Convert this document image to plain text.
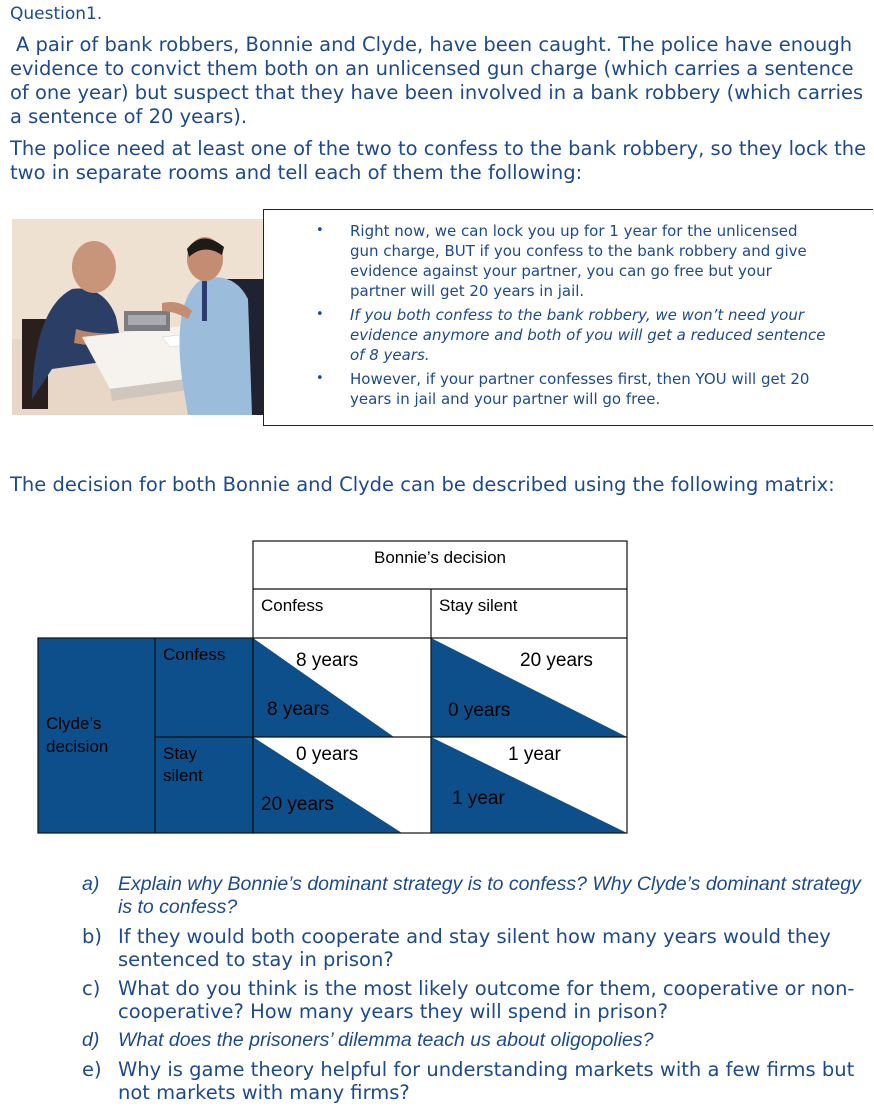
Question1.
A pair of bank robbers, Bonnie and Clyde, have been caught. The police have enough evidence to convict them both on an unlicensed gun charge (which carries a sentence of one year) but suspect that they have been involved in a bank robbery (which carries a sentence of 20 years).
The police need at least one of the two to confess to the bank robbery, so they lock the two in separate rooms and tell each of them the following:
• Right now, we can lock you up for 1 year for the unlicensed gun charge, BUT if you confess to the bank robbery and give evidence against your partner, you can go free but your partner will get 20 years in jail.
• If you both confess to the bank robbery, we won’t need your evidence anymore and both of you will get a reduced sentence of 8 years.
• However, if your partner confesses first, then YOU will get 20 years in jail and your partner will go free.
The decision for both Bonnie and Clyde can be described using the following matrix:
Bonnie’s decision
Confess	Stay silent
Confess
Stay
silent
Clyde’s
decision
8 years
8 years
20 years
0 years
0 years
20 years
1 year
1 year
a) Explain why Bonnie’s dominant strategy is to confess? Why Clyde’s dominant strategy is to confess?
b) If they would both cooperate and stay silent how many years would they sentenced to stay in prison?
c) What do you think is the most likely outcome for them, cooperative or non-cooperative? How many years they will spend in prison?
d) What does the prisoners’ dilemma teach us about oligopolies?
e) Why is game theory helpful for understanding markets with a few firms but not markets with many firms?
